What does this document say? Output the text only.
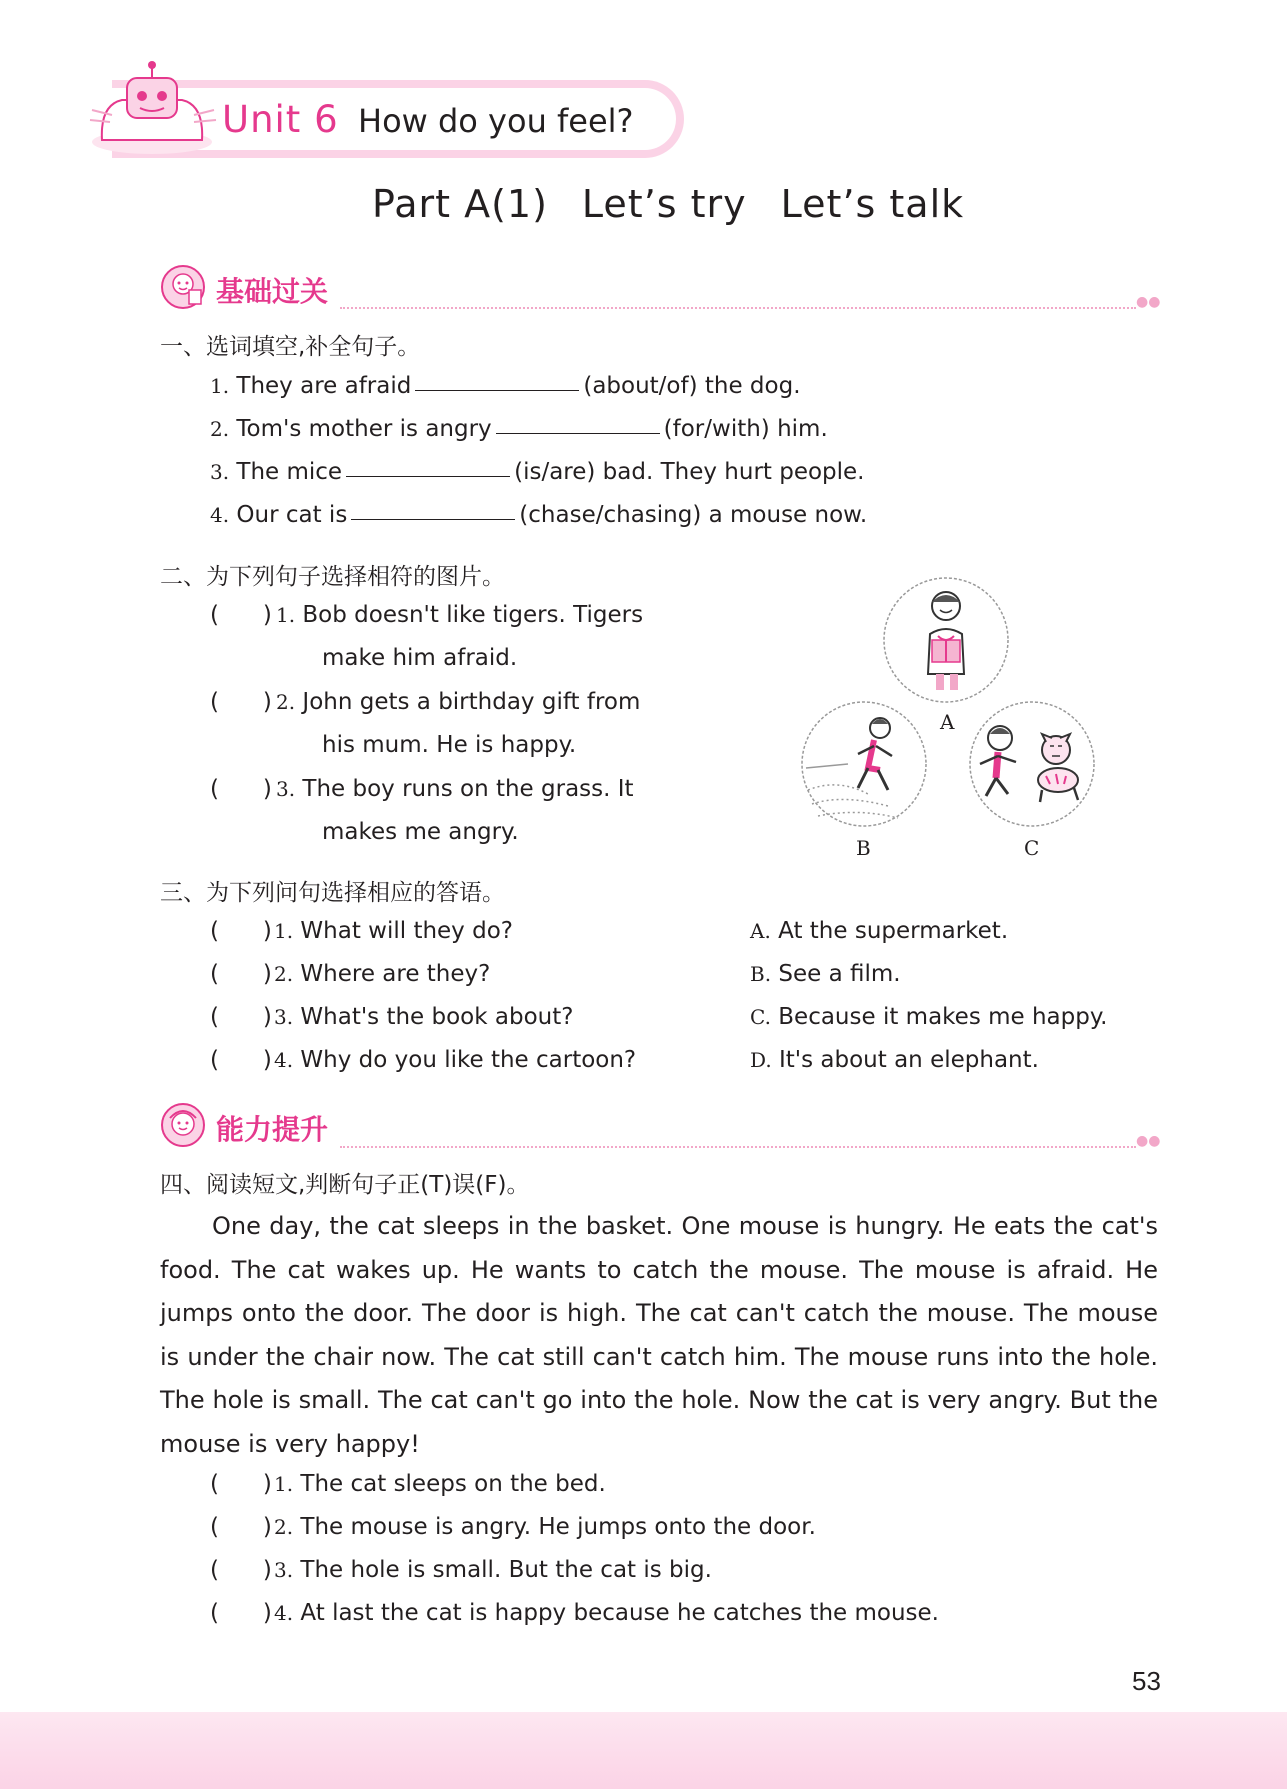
Unit 6 How do you feel?
Part A(1) Let’s try Let’s talk
基础过关	●●
一、选词填空,补全句子。
1. They are afraid	(about/of) the dog.
2. Tom's mother is angry	(for/with) him.
3. The mice	(is/are) bad. They hurt people.
4. Our cat is	(chase/chasing) a mouse now.
二、为下列句子选择相符的图片。
(      ) 1. Bob doesn't like tigers. Tigers
make him afraid.
(      ) 2. John gets a birthday gift from
his mum. He is happy.
(      ) 3. The boy runs on the grass. It
makes me angry.
A
B	C
三、为下列问句选择相应的答语。
(      ) 1. What will they do?
(      ) 2. Where are they?
(      ) 3. What's the book about?
(      ) 4. Why do you like the cartoon?
A. At the supermarket.
B. See a film.
C. Because it makes me happy.
D. It's about an elephant.
能力提升	●●
四、阅读短文,判断句子正(T)误(F)。
One day, the cat sleeps in the basket. One mouse is hungry. He eats the cat's food. The cat wakes up. He wants to catch the mouse. The mouse is afraid. He jumps onto the door. The door is high. The cat can't catch the mouse. The mouse is under the chair now. The cat still can't catch him. The mouse runs into the hole. The hole is small. The cat can't go into the hole. Now the cat is very angry. But the mouse is very happy!
(      ) 1. The cat sleeps on the bed.
(      ) 2. The mouse is angry. He jumps onto the door.
(      ) 3. The hole is small. But the cat is big.
(      ) 4. At last the cat is happy because he catches the mouse.
53
